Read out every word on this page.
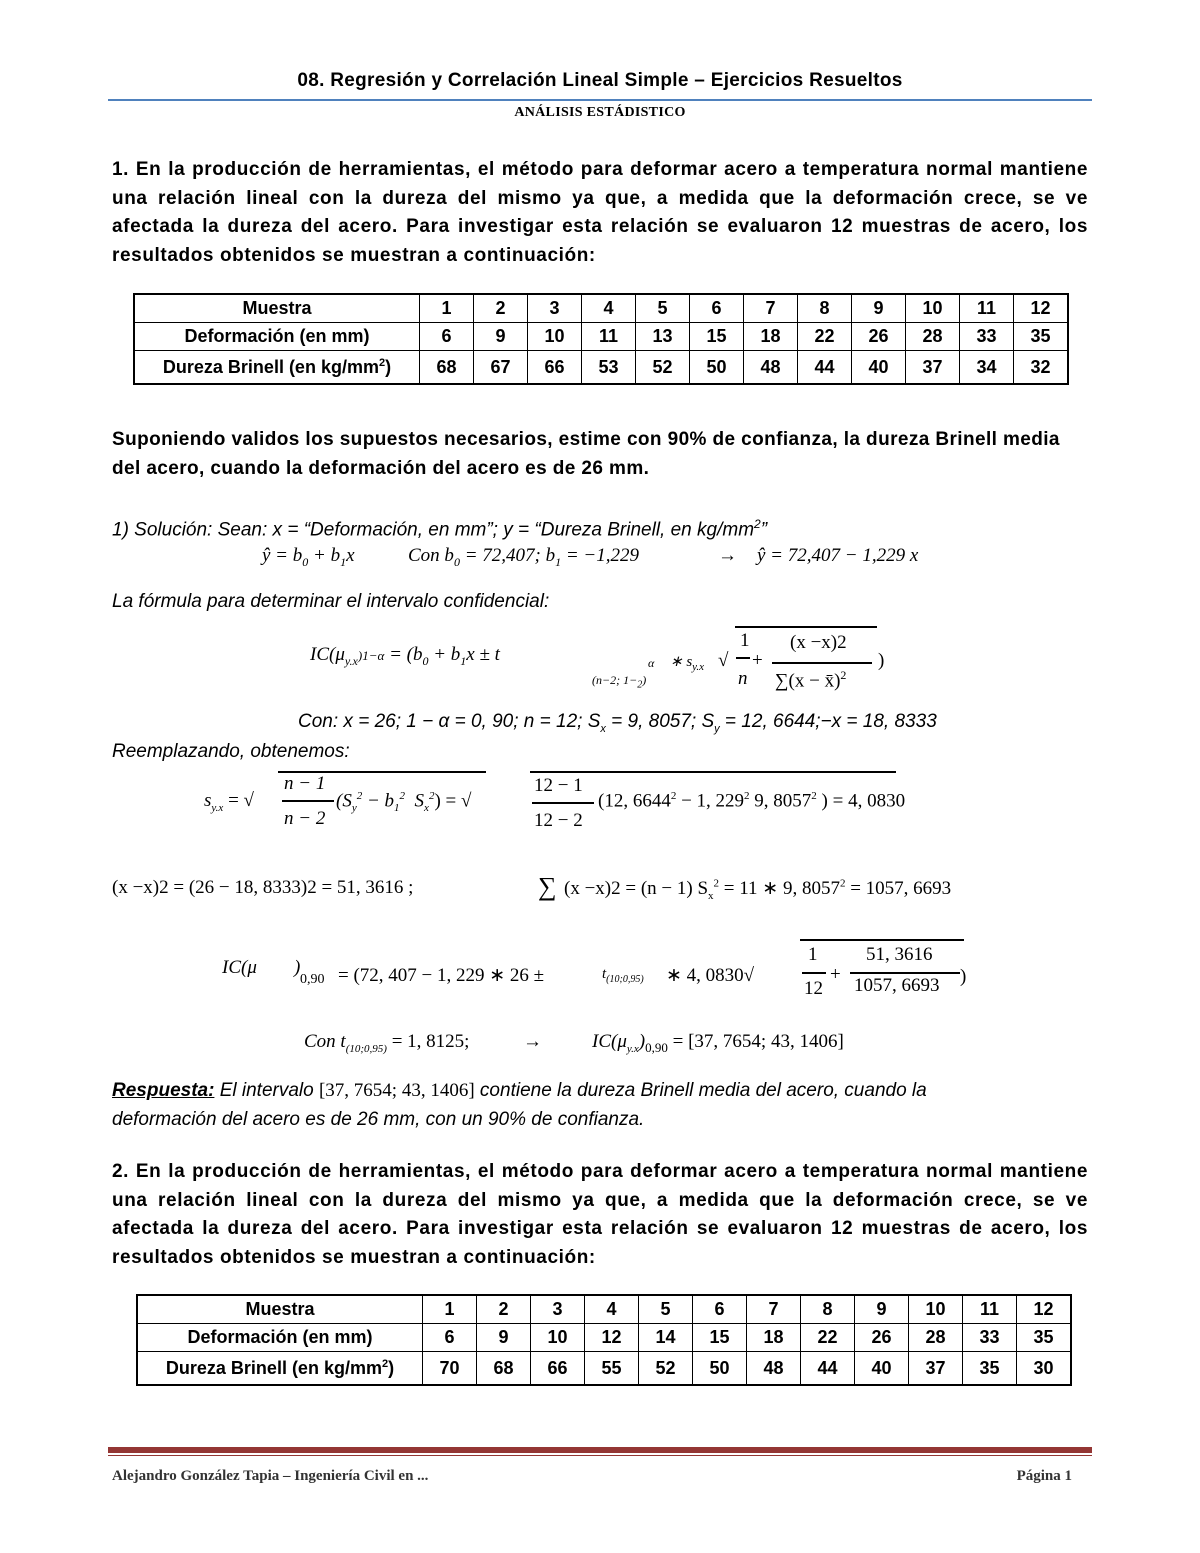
08. Regresión y Correlación Lineal Simple – Ejercicios Resueltos
ANÁLISIS ESTÁDISTICO
1. En la producción de herramientas, el método para deformar acero a temperatura normal mantiene una relación lineal con la dureza del mismo ya que, a medida que la deformación crece, se ve afectada la dureza del acero. Para investigar esta relación se evaluaron 12 muestras de acero, los resultados obtenidos se muestran a continuación:
Muestra	1	2	3	4	5	6	7	8	9	10	11	12
Deformación (en mm)	6	9	10	11	13	15	18	22	26	28	33	35
Dureza Brinell (en $kg/mm^2$)	68	67	66	53	52	50	48	44	40	37	34	32
Suponiendo validos los supuestos necesarios, estime con 90% de confianza, la dureza Brinell media del acero, cuando la deformación del acero es de 26 mm.
1) Solución: Sean: x = “Deformación, en mm”; y = “Dureza Brinell, en $kg/mm^2$”
ŷ = $b_0 + b_1x$	Con $b_0 = 72,407$; $b_1 = -1,229$	→ ŷ = 72,407 − 1,229 x
La fórmula para determinar el intervalo confidencial:
$IC(\mu_{y.x})1-\alpha = (b_0 + b_1x \pm t$	α
(n−2; $1-_2$)
∗ $s_{y.x}$ √
1
n
+
(x −x)2
∑(x − x̄)$^2$
)
Con: x = 26; 1 − α = 0, 90; n = 12; $S_x = 9$, 8057; $S_y = 12$, 6644;−x = 18, 8333
Reemplazando, obtenemos:
$s_{y.x}$ = √
n − 1
n − 2
($S_y^2 - b_1^2$ $S_x^2$) = √
12 − 1
12 − 2
(12, $6644^2 - 1$, $229^2$ 9, 8057$^2$ ) = 4, 0830
(x −x)2 = (26 − 18, 8333)2 = 51, 3616 ;	∑ (x −x)2 = (n − 1) $S_x^2 = 11$ ∗ 9, $8057^2 = 1057$, 6693
IC(μ )
0,90 = (72, 407 − 1, 229 ∗ 26 ±	$t_{(10;0,95)}$ ∗ 4, 0830√
1
12
+
51, 3616
1057, 6693 )
Con $t_{(10;0,95)} = 1$, 8125;	→	$IC(\mu_{y.x})_{0,90} = [37$, 7654; 43, 1406]
Respuesta: El intervalo [37, 7654; 43, 1406] contiene la dureza Brinell media del acero, cuando la
deformación del acero es de 26 mm, con un 90% de confianza.
2. En la producción de herramientas, el método para deformar acero a temperatura normal mantiene una relación lineal con la dureza del mismo ya que, a medida que la deformación crece, se ve afectada la dureza del acero. Para investigar esta relación se evaluaron 12 muestras de acero, los resultados obtenidos se muestran a continuación:
Muestra	1	2	3	4	5	6	7	8	9	10	11	12
Deformación (en mm)	6	9	10	12	14	15	18	22	26	28	33	35
Dureza Brinell (en $kg/mm^2$)	70	68	66	55	52	50	48	44	40	37	35	30
Alejandro González Tapia – Ingeniería Civil en ...	Página 1
